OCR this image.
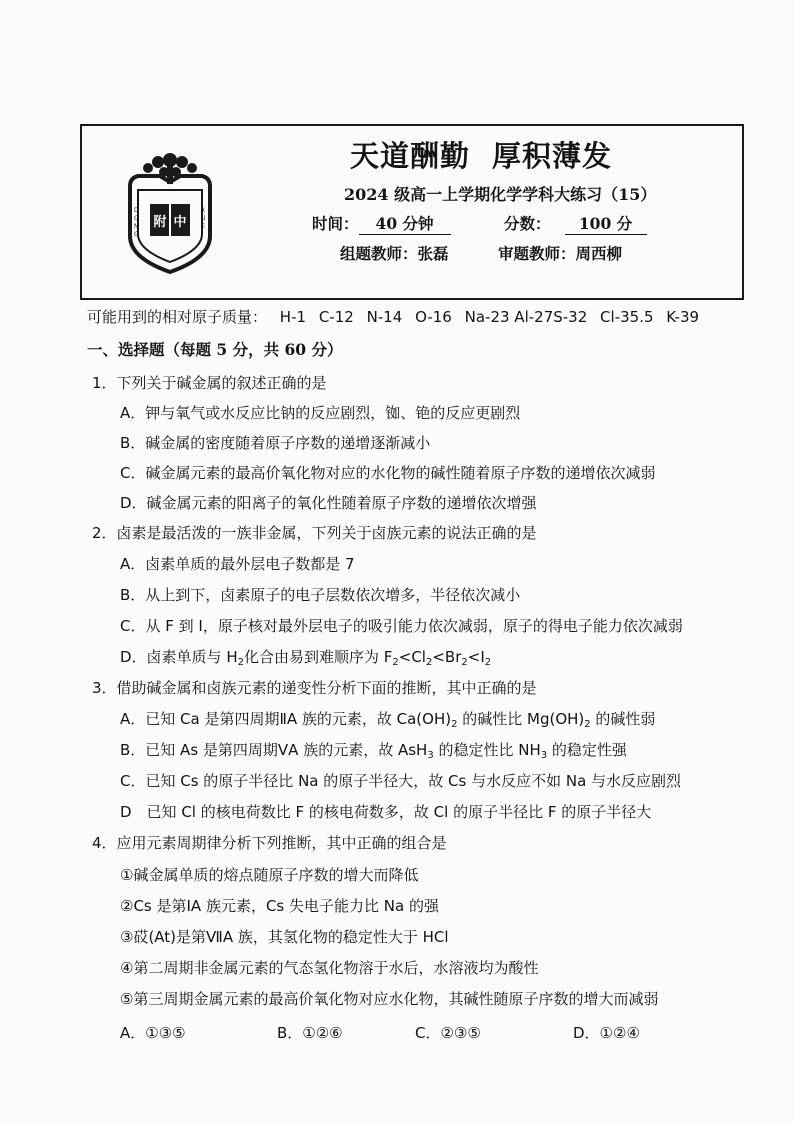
附 中
D
O
N
G
X
U
E
天道酬勤 厚积薄发
2024 级高一上学期化学学科大练习（15）
时间： 40 分钟	分数： 100 分
组题教师：张磊	审题教师：周西柳
可能用到的相对原子质量： H-1 C-12 N-14 O-16 Na-23 Al-27S-32 Cl-35.5 K-39
一、选择题（每题 5 分，共 60 分）
1．下列关于碱金属的叙述正确的是
A．钾与氧气或水反应比钠的反应剧烈，铷、铯的反应更剧烈
B．碱金属的密度随着原子序数的递增逐渐减小
C．碱金属元素的最高价氧化物对应的水化物的碱性随着原子序数的递增依次减弱
D．碱金属元素的阳离子的氧化性随着原子序数的递增依次增强
2．卤素是最活泼的一族非金属，下列关于卤族元素的说法正确的是
A．卤素单质的最外层电子数都是 7
B．从上到下，卤素原子的电子层数依次增多，半径依次减小
C．从 F 到 I，原子核对最外层电子的吸引能力依次减弱，原子的得电子能力依次减弱
D．卤素单质与 $H_2$化合由易到难顺序为 $F_2<Cl_2<Br_2<I_2$
3．借助碱金属和卤族元素的递变性分析下面的推断，其中正确的是
A．已知 Ca 是第四周期ⅡA 族的元素，故 $Ca(OH)_2$ 的碱性比 $Mg(OH)_2$ 的碱性弱
B．已知 As 是第四周期ⅤA 族的元素，故 AsH$_3$ 的稳定性比 $NH_3$ 的稳定性强
C．已知 Cs 的原子半径比 Na 的原子半径大，故 Cs 与水反应不如 Na 与水反应剧烈
D　已知 Cl 的核电荷数比 F 的核电荷数多，故 Cl 的原子半径比 F 的原子半径大
4．应用元素周期律分析下列推断，其中正确的组合是
①碱金属单质的熔点随原子序数的增大而降低
②Cs 是第ⅠA 族元素，Cs 失电子能力比 Na 的强
③砹(At)是第ⅦA 族，其氢化物的稳定性大于 HCl
④第二周期非金属元素的气态氢化物溶于水后，水溶液均为酸性
⑤第三周期金属元素的最高价氧化物对应水化物，其碱性随原子序数的增大而减弱
A．①③⑤	B．①②⑥	C．②③⑤	D．①②④
